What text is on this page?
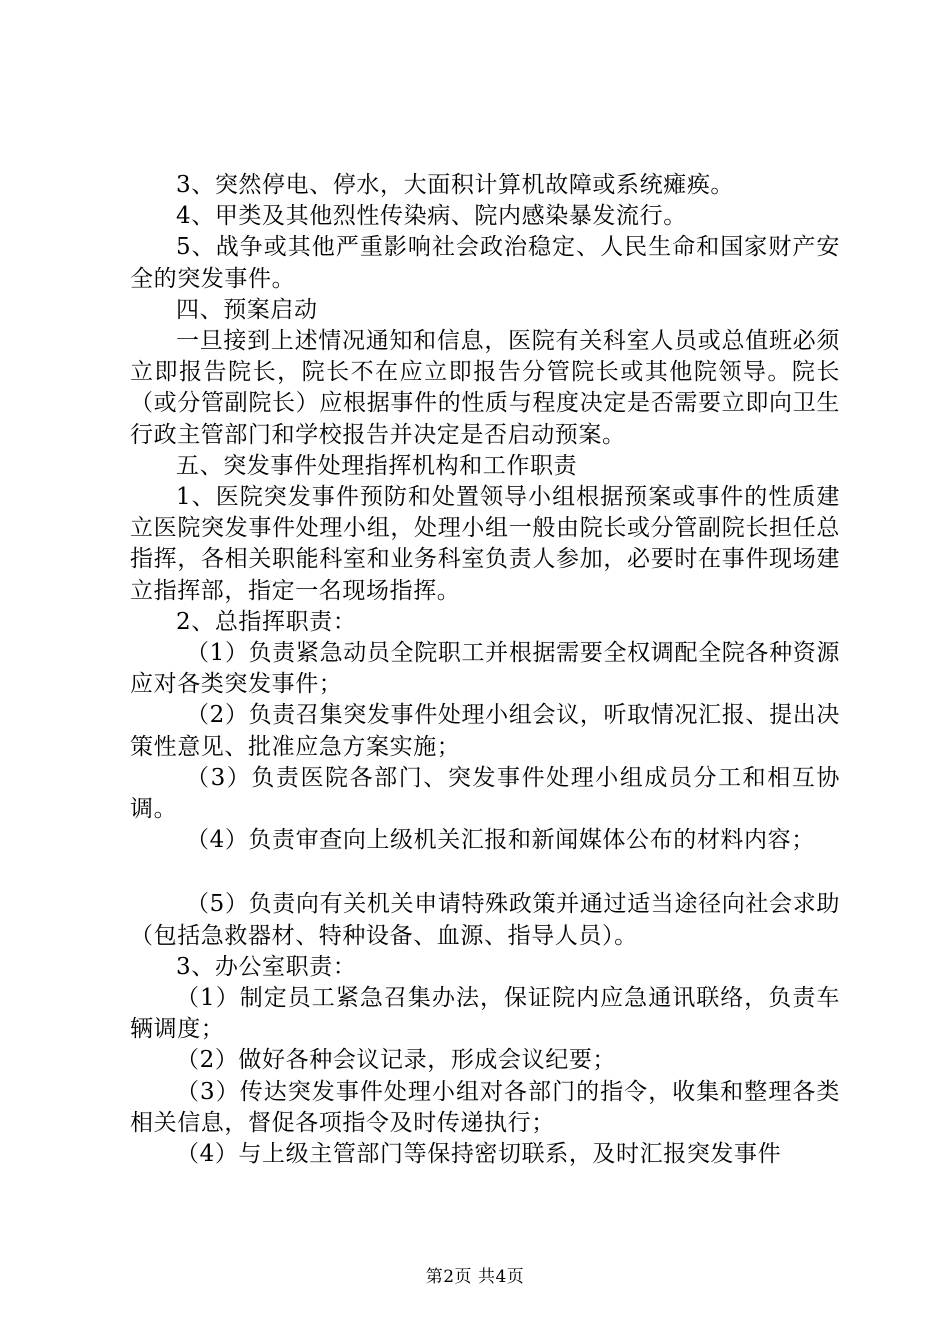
3、突然停电、停水，大面积计算机故障或系统瘫痪。

4、甲类及其他烈性传染病、院内感染暴发流行。

5、战争或其他严重影响社会政治稳定、人民生命和国家财产安全的突发事件。

四、预案启动

一旦接到上述情况通知和信息，医院有关科室人员或总值班必须立即报告院长，院长不在应立即报告分管院长或其他院领导。院长（或分管副院长）应根据事件的性质与程度决定是否需要立即向卫生行政主管部门和学校报告并决定是否启动预案。

五、突发事件处理指挥机构和工作职责

1、医院突发事件预防和处置领导小组根据预案或事件的性质建立医院突发事件处理小组，处理小组一般由院长或分管副院长担任总指挥，各相关职能科室和业务科室负责人参加，必要时在事件现场建立指挥部，指定一名现场指挥。

2、总指挥职责：

（1）负责紧急动员全院职工并根据需要全权调配全院各种资源应对各类突发事件；

（2）负责召集突发事件处理小组会议，听取情况汇报、提出决策性意见、批准应急方案实施；

（3）负责医院各部门、突发事件处理小组成员分工和相互协调。

（4）负责审查向上级机关汇报和新闻媒体公布的材料内容；

（5）负责向有关机关申请特殊政策并通过适当途径向社会求助（包括急救器材、特种设备、血源、指导人员）。

3、办公室职责：

（1）制定员工紧急召集办法，保证院内应急通讯联络，负责车辆调度；

（2）做好各种会议记录，形成会议纪要；

（3）传达突发事件处理小组对各部门的指令，收集和整理各类相关信息，督促各项指令及时传递执行；

（4）与上级主管部门等保持密切联系，及时汇报突发事件

第2页 共4页
